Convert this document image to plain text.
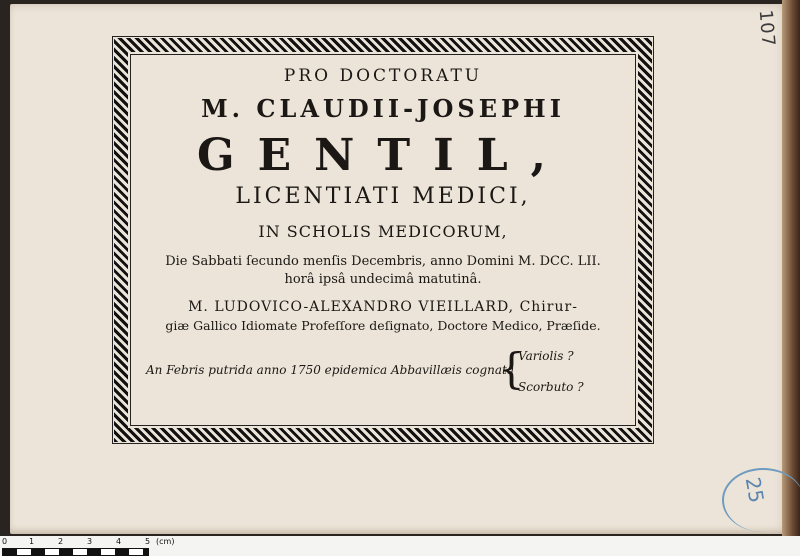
PRO DOCTORATU
M. CLAUDII-JOSEPHI
GENTIL,
LICENTIATI MEDICI,
IN SCHOLIS MEDICORUM,
Die Sabbati ſecundo menſis Decembris, anno Domini M. DCC. LII.
horâ ipsâ undecimâ matutinâ.
M. LUDOVICO-ALEXANDRO VIEILLARD, Chirur-
giæ Gallico Idiomate Profeſſore deſignato, Doctore Medico, Præſide.
An Febris putrida anno 1750 epidemica Abbavillæis cognata
{
Variolis ?
Scorbuto ?
107
25
0	1	2	3	4	5 (cm)
